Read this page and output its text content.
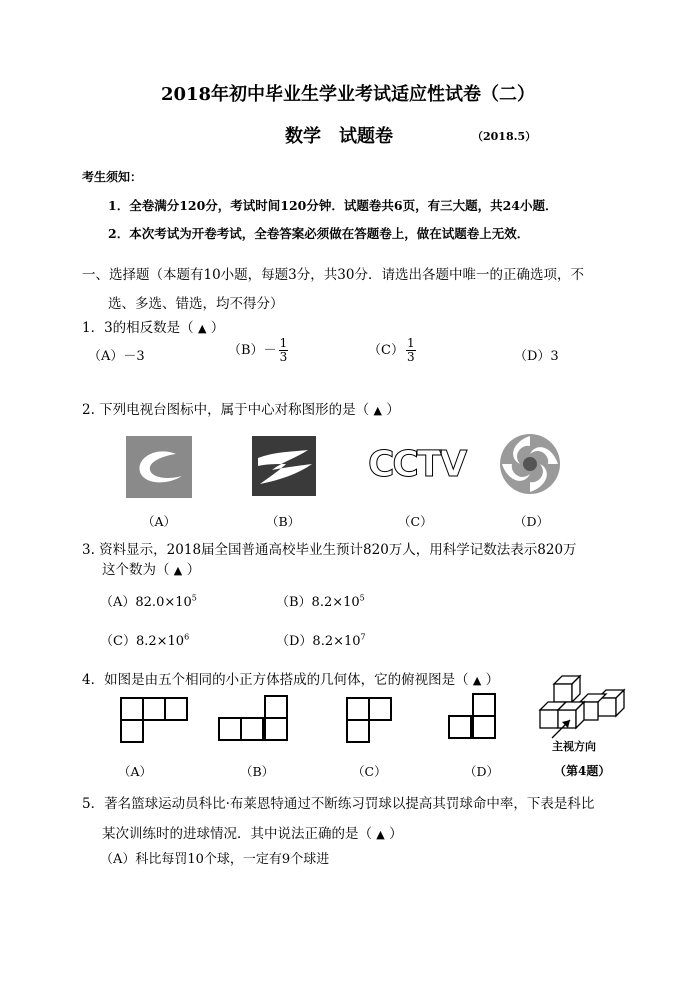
2018年初中毕业生学业考试适应性试卷（二）
数学　试题卷	（2018.5）
考生须知：
1．全卷满分120分，考试时间120分钟．试题卷共6页，有三大题，共24小题．
2．本次考试为开卷考试，全卷答案必须做在答题卷上，做在试题卷上无效．
一、选择题（本题有10小题，每题3分，共30分．请选出各题中唯一的正确选项，不
选、多选、错选，均不得分）
1．3的相反数是（ ▲ ）
（A）－3	$(B)- \frac{1}{3}$	$(C) \frac{1}{3}$	（D）3
2. 下列电视台图标中，属于中心对称图形的是（ ▲ ）
CCTV
（A）	（B）	（C）	（D）
3. 资料显示，2018届全国普通高校毕业生预计820万人，用科学记数法表示820万
这个数为（ ▲ ）
$(A)82.0\times 10^5$	$(B)8.2\times 10^5$
$(C)8.2\times 10^6$	$(D)8.2\times 10^7$
4．如图是由五个相同的小正方体搭成的几何体，它的俯视图是（ ▲ ）
主视方向
（A）	（B）	（C）	（D）	（第4题）
5．著名篮球运动员科比·布莱恩特通过不断练习罚球以提高其罚球命中率，下表是科比
某次训练时的进球情况．其中说法正确的是（ ▲ ）
（A）科比每罚10个球，一定有9个球进
